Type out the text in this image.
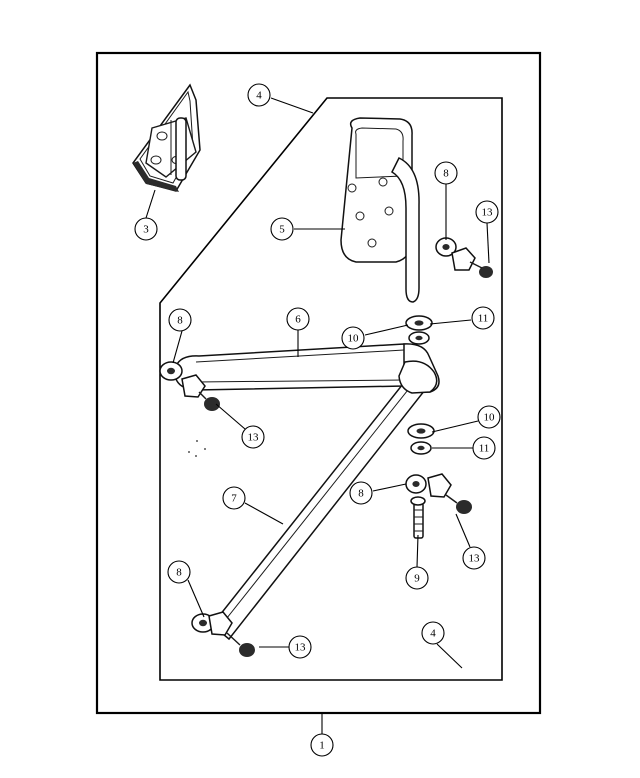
1
3
4
5
6
7
8
8
8
8	9
10
10
11
11
13
13
13
13
4
